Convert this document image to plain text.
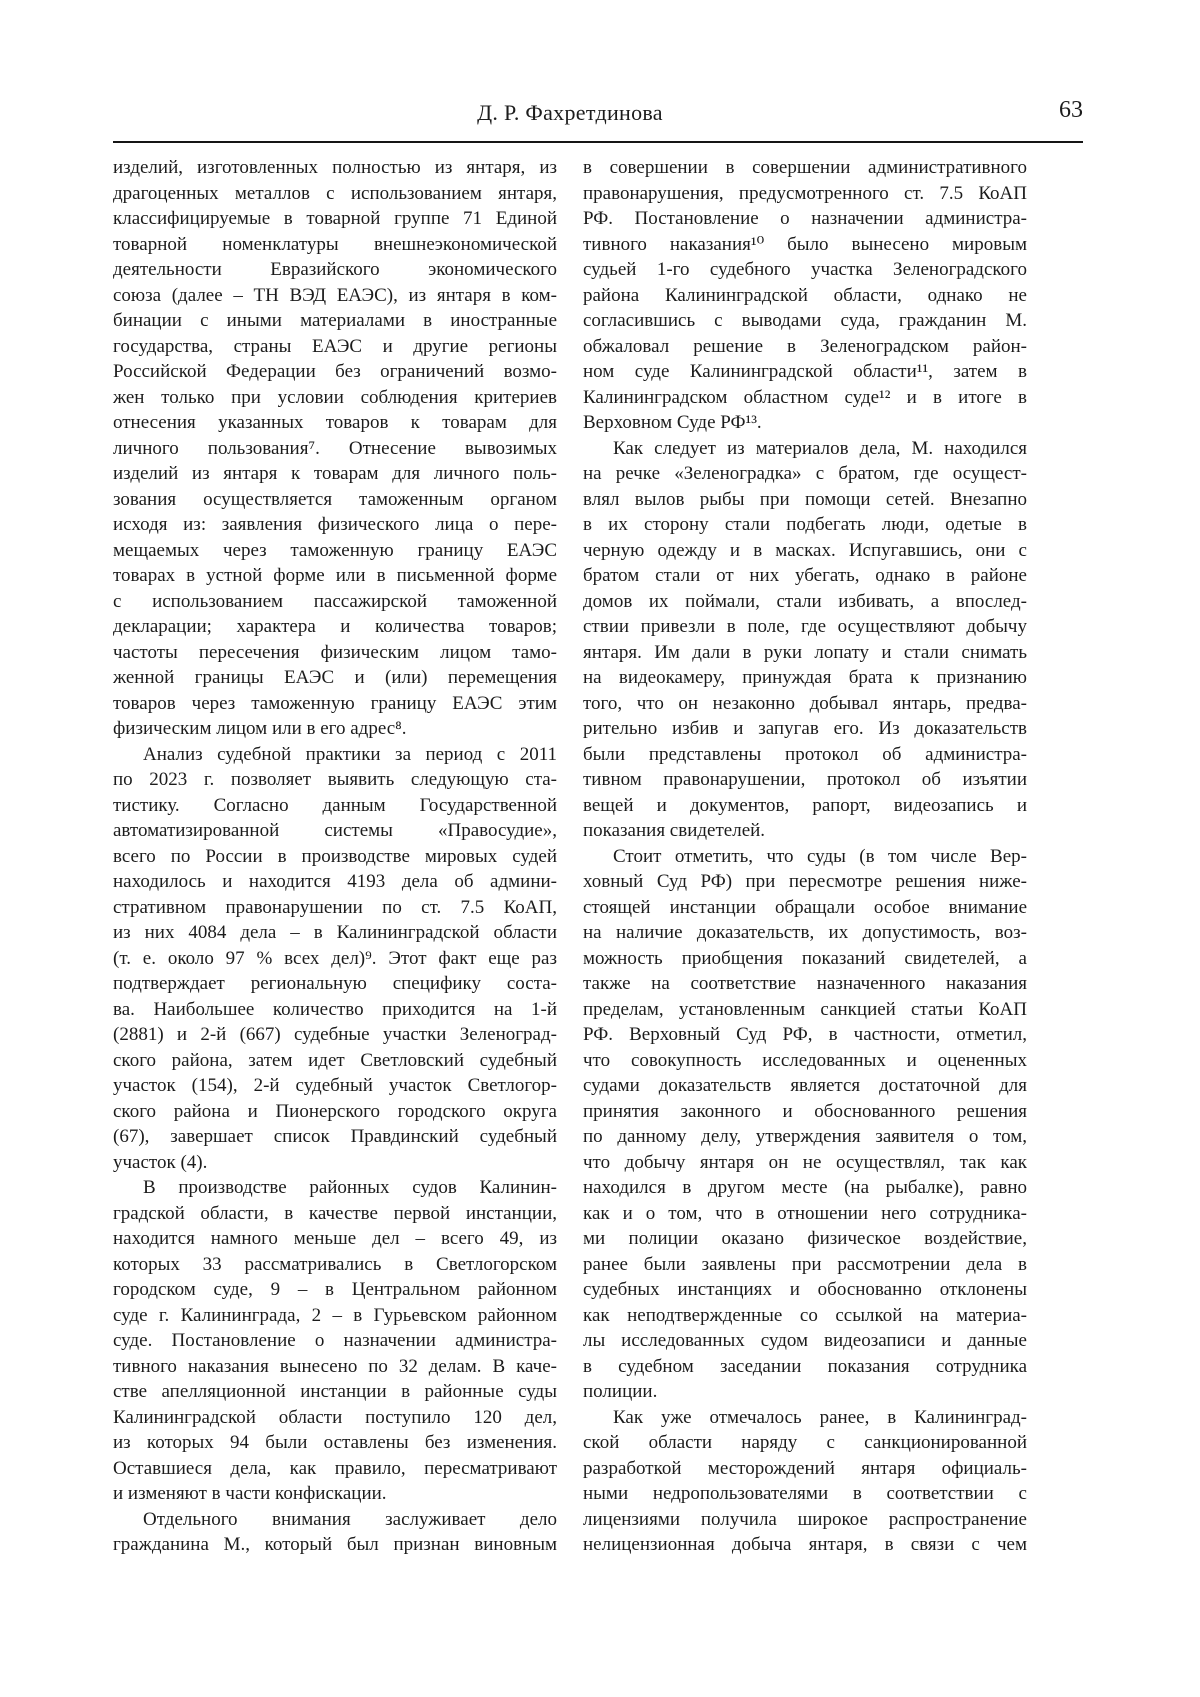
Д. Р. Фахретдинова	63
изделий, изготовленных полностью из янтаря, из
драгоценных металлов с использованием янтаря,
классифицируемые в товарной группе 71 Единой
товарной номенклатуры внешнеэкономической
деятельности Евразийского экономического
союза (далее – ТН ВЭД ЕАЭС), из янтаря в ком-
бинации с иными материалами в иностранные
государства, страны ЕАЭС и другие регионы
Российской Федерации без ограничений возмо-
жен только при условии соблюдения критериев
отнесения указанных товаров к товарам для
личного пользования⁷. Отнесение вывозимых
изделий из янтаря к товарам для личного поль-
зования осуществляется таможенным органом
исходя из: заявления физического лица о пере-
мещаемых через таможенную границу ЕАЭС
товарах в устной форме или в письменной форме
с использованием пассажирской таможенной
декларации; характера и количества товаров;
частоты пересечения физическим лицом тамо-
женной границы ЕАЭС и (или) перемещения
товаров через таможенную границу ЕАЭС этим
физическим лицом или в его адрес⁸.
Анализ судебной практики за период с 2011
по 2023 г. позволяет выявить следующую ста-
тистику. Согласно данным Государственной
автоматизированной системы «Правосудие»,
всего по России в производстве мировых судей
находилось и находится 4193 дела об админи-
стративном правонарушении по ст. 7.5 КоАП,
из них 4084 дела – в Калининградской области
(т. е. около 97 % всех дел)⁹. Этот факт еще раз
подтверждает региональную специфику соста-
ва. Наибольшее количество приходится на 1-й
(2881) и 2-й (667) судебные участки Зеленоград-
ского района, затем идет Светловский судебный
участок (154), 2-й судебный участок Светлогор-
ского района и Пионерского городского округа
(67), завершает список Правдинский судебный
участок (4).
В производстве районных судов Калинин-
градской области, в качестве первой инстанции,
находится намного меньше дел – всего 49, из
которых 33 рассматривались в Светлогорском
городском суде, 9 – в Центральном районном
суде г. Калининграда, 2 – в Гурьевском районном
суде. Постановление о назначении администра-
тивного наказания вынесено по 32 делам. В каче-
стве апелляционной инстанции в районные суды
Калининградской области поступило 120 дел,
из которых 94 были оставлены без изменения.
Оставшиеся дела, как правило, пересматривают
и изменяют в части конфискации.
Отдельного внимания заслуживает дело
гражданина М., который был признан виновным
в совершении в совершении административного
правонарушения, предусмотренного ст. 7.5 КоАП
РФ. Постановление о назначении администра-
тивного наказания¹⁰ было вынесено мировым
судьей 1-го судебного участка Зеленоградского
района Калининградской области, однако не
согласившись с выводами суда, гражданин М.
обжаловал решение в Зеленоградском район-
ном суде Калининградской области¹¹, затем в
Калининградском областном суде¹² и в итоге в
Верховном Суде РФ¹³.
Как следует из материалов дела, М. находился
на речке «Зеленоградка» с братом, где осущест-
влял вылов рыбы при помощи сетей. Внезапно
в их сторону стали подбегать люди, одетые в
черную одежду и в масках. Испугавшись, они с
братом стали от них убегать, однако в районе
домов их поймали, стали избивать, а впослед-
ствии привезли в поле, где осуществляют добычу
янтаря. Им дали в руки лопату и стали снимать
на видеокамеру, принуждая брата к признанию
того, что он незаконно добывал янтарь, предва-
рительно избив и запугав его. Из доказательств
были представлены протокол об администра-
тивном правонарушении, протокол об изъятии
вещей и документов, рапорт, видеозапись и
показания свидетелей.
Стоит отметить, что суды (в том числе Вер-
ховный Суд РФ) при пересмотре решения ниже-
стоящей инстанции обращали особое внимание
на наличие доказательств, их допустимость, воз-
можность приобщения показаний свидетелей, а
также на соответствие назначенного наказания
пределам, установленным санкцией статьи КоАП
РФ. Верховный Суд РФ, в частности, отметил,
что совокупность исследованных и оцененных
судами доказательств является достаточной для
принятия законного и обоснованного решения
по данному делу, утверждения заявителя о том,
что добычу янтаря он не осуществлял, так как
находился в другом месте (на рыбалке), равно
как и о том, что в отношении него сотрудника-
ми полиции оказано физическое воздействие,
ранее были заявлены при рассмотрении дела в
судебных инстанциях и обоснованно отклонены
как неподтвержденные со ссылкой на материа-
лы исследованных судом видеозаписи и данные
в судебном заседании показания сотрудника
полиции.
Как уже отмечалось ранее, в Калининград-
ской области наряду с санкционированной
разработкой месторождений янтаря официаль-
ными недропользователями в соответствии с
лицензиями получила широкое распространение
нелицензионная добыча янтаря, в связи с чем
